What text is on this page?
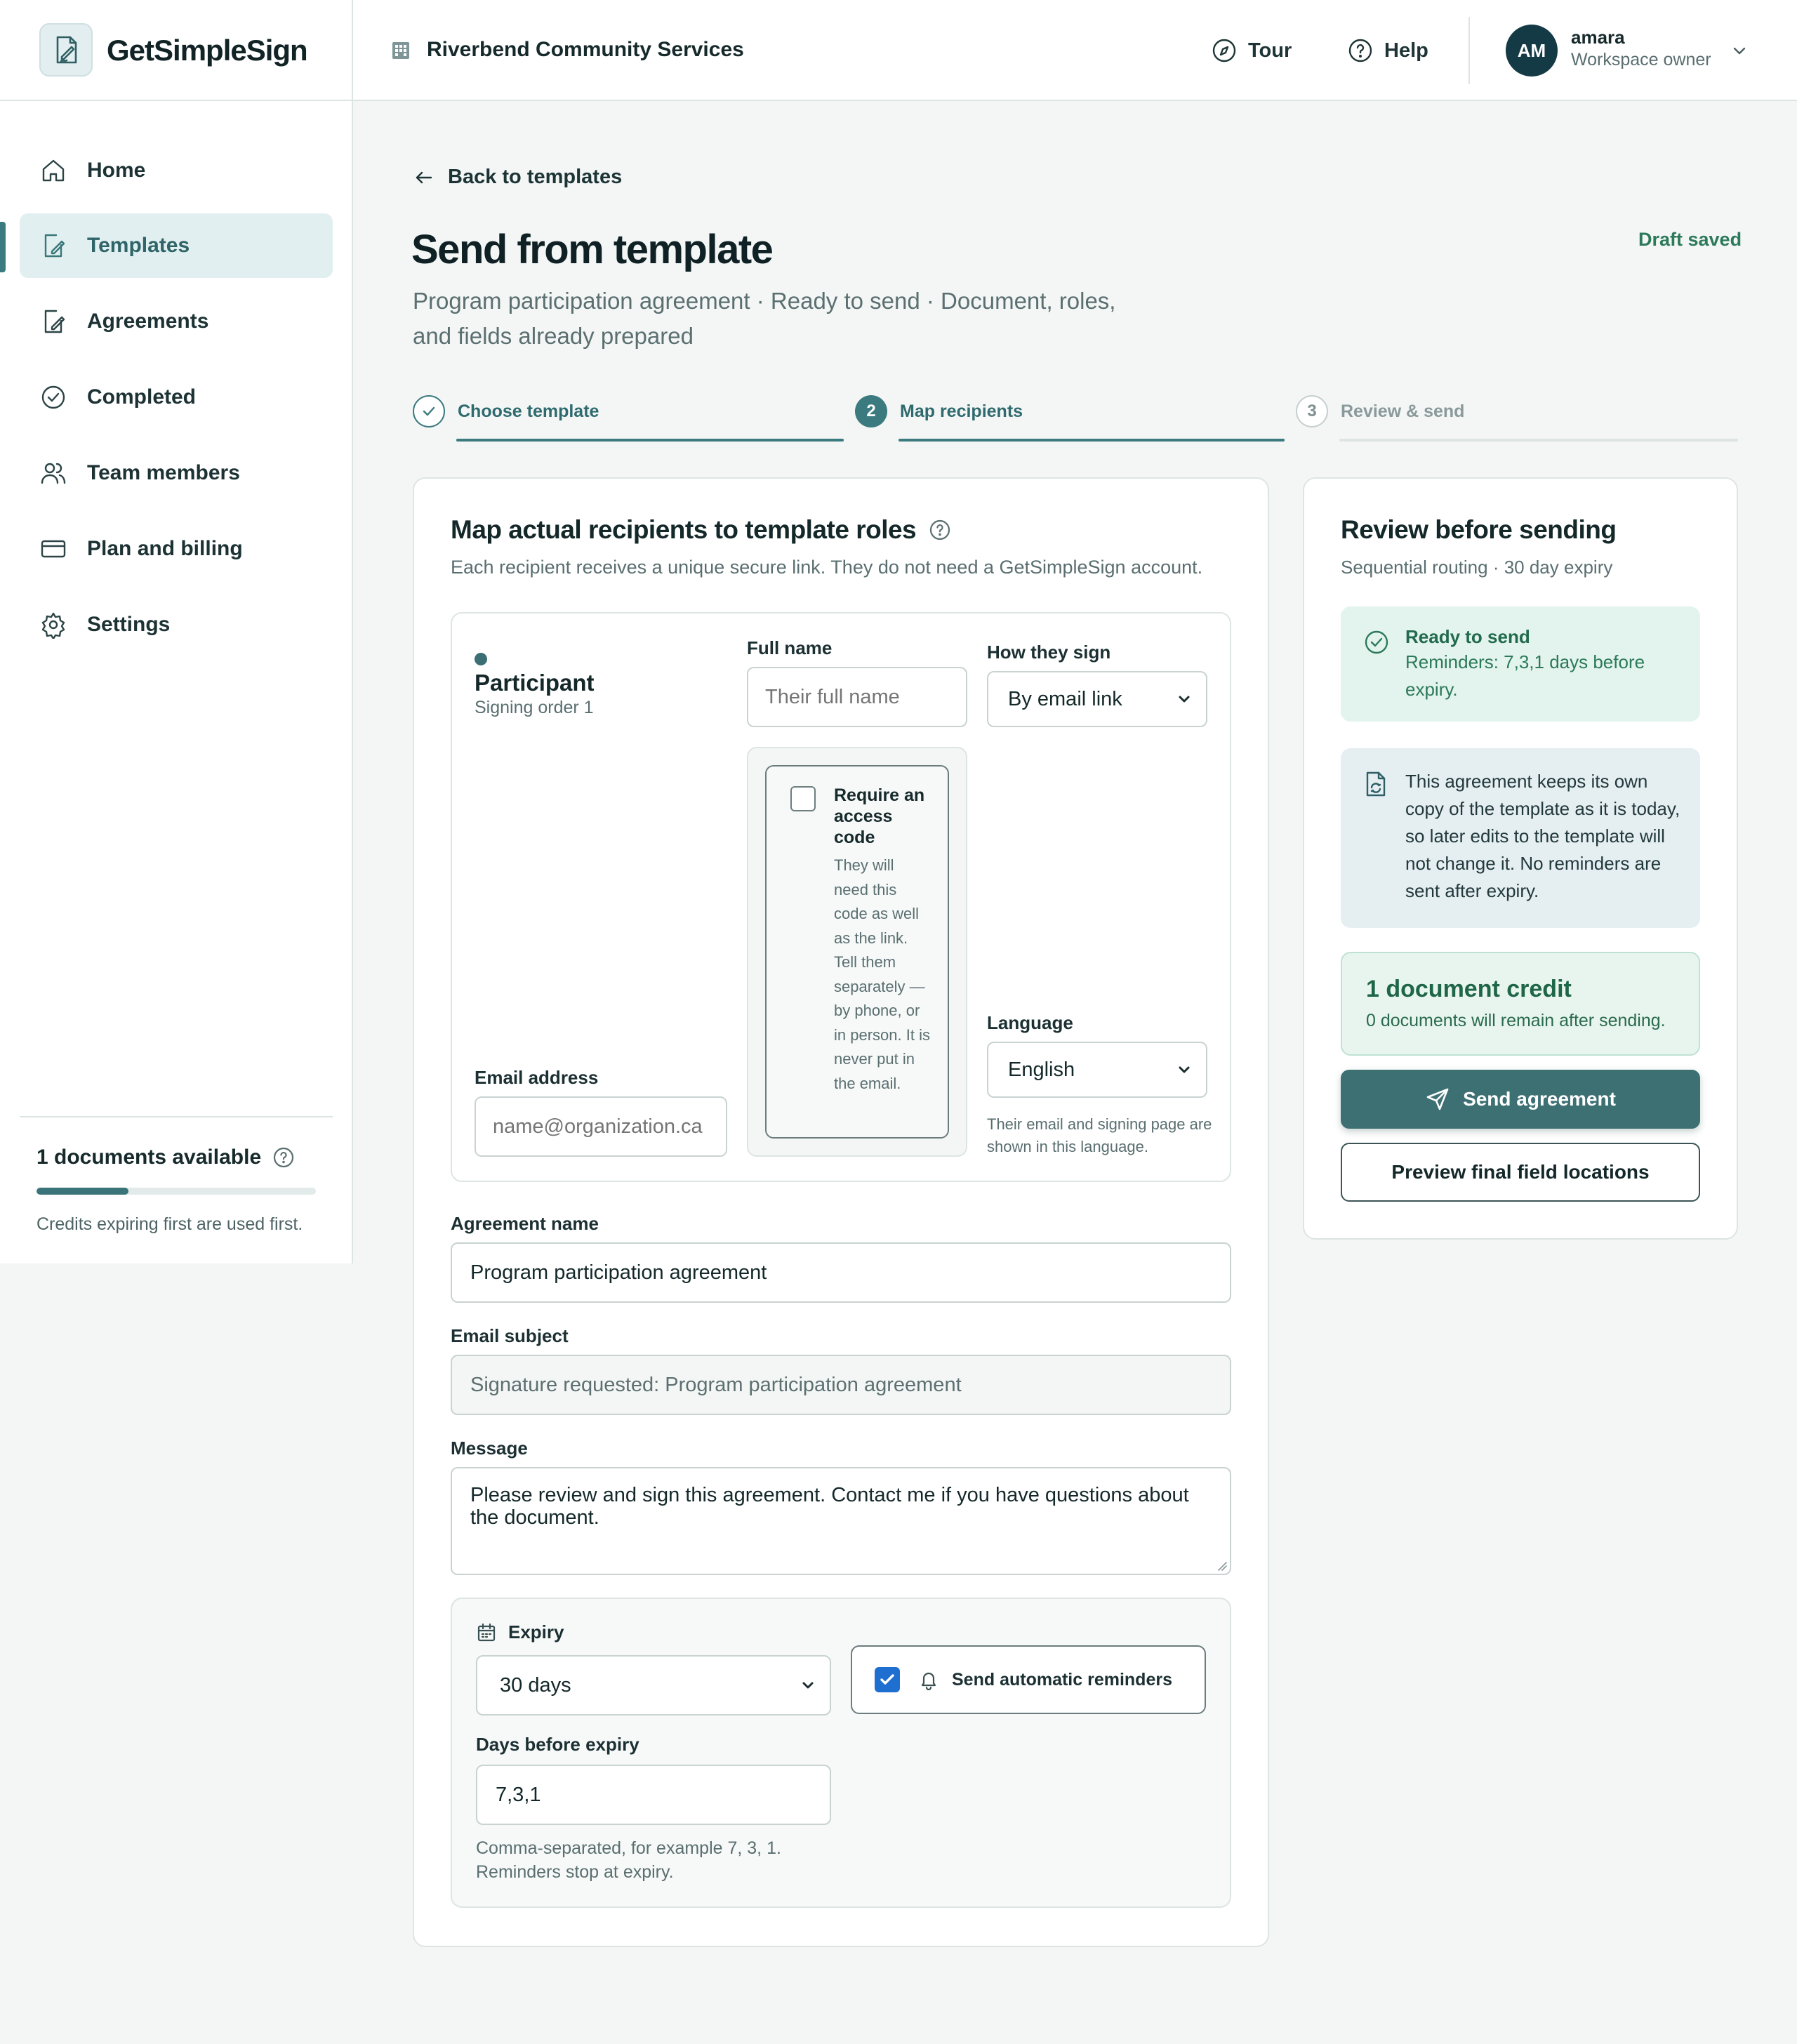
GetSimpleSign	Riverbend Community Services	Tour	Help	AM
amara
Workspace owner
Home
Templates
Agreements
Completed
Team members
Plan and billing
Settings
1 documents available
Credits expiring first are used first.
Back to templates
Send from template	Draft saved
Program participation agreement · Ready to send · Document, roles, and fields already prepared
Choose template	2	Map recipients	3	Review & send
Map actual recipients to template roles
Each recipient receives a unique secure link. They do not need a GetSimpleSign account.
Participant
Signing order 1
Full name
Their full name	How they sign
By email link
Require an access code
They will need this code as well as the link. Tell them separately — by phone, or in person. It is never put in the email.
Language
English
Their email and signing page are shown in this language.
Email address
name@organization.ca
Agreement name
Program participation agreement
Email subject
Signature requested: Program participation agreement
Message
Please review and sign this agreement. Contact me if you have questions about the document.
Expiry
30 days	Send automatic reminders
Days before expiry
7,3,1
Comma-separated, for example 7, 3, 1. Reminders stop at expiry.
Review before sending
Sequential routing · 30 day expiry
Ready to send
Reminders: 7,3,1 days before expiry.
This agreement keeps its own copy of the template as it is today, so later edits to the template will not change it. No reminders are sent after expiry.
1 document credit
0 documents will remain after sending.
Send agreement
Preview final field locations
